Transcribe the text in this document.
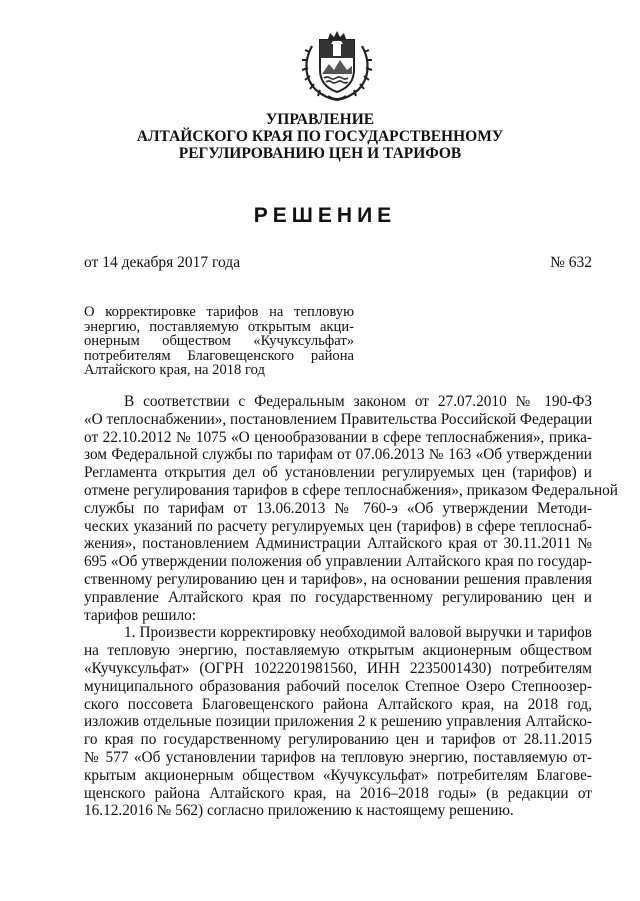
УПРАВЛЕНИЕ
АЛТАЙСКОГО КРАЯ ПО ГОСУДАРСТВЕННОМУ
РЕГУЛИРОВАНИЮ ЦЕН И ТАРИФОВ
РЕШЕНИЕ
от 14 декабря 2017 года	№ 632
О корректировке тарифов на тепловую
энергию, поставляемую открытым акци-
онерным обществом «Кучуксульфат»
потребителям Благовещенского района
Алтайского края, на 2018 год
В соответствии с Федеральным законом от 27.07.2010 № 190-ФЗ
«О теплоснабжении», постановлением Правительства Российской Федерации
от 22.10.2012 № 1075 «О ценообразовании в сфере теплоснабжения», прика-
зом Федеральной службы по тарифам от 07.06.2013 № 163 «Об утверждении
Регламента открытия дел об установлении регулируемых цен (тарифов) и
отмене регулирования тарифов в сфере теплоснабжения», приказом Федеральной
службы по тарифам от 13.06.2013 № 760-э «Об утверждении Методи-
ческих указаний по расчету регулируемых цен (тарифов) в сфере теплоснаб-
жения», постановлением Администрации Алтайского края от 30.11.2011 №
695 «Об утверждении положения об управлении Алтайского края по государ-
ственному регулированию цен и тарифов», на основании решения правления
управление Алтайского края по государственному регулированию цен и
тарифов решило:
1. Произвести корректировку необходимой валовой выручки и тарифов
на тепловую энергию, поставляемую открытым акционерным обществом
«Кучуксульфат» (ОГРН 1022201981560, ИНН 2235001430) потребителям
муниципального образования рабочий поселок Степное Озеро Степноозер-
ского поссовета Благовещенского района Алтайского края, на 2018 год,
изложив отдельные позиции приложения 2 к решению управления Алтайско-
го края по государственному регулированию цен и тарифов от 28.11.2015
№ 577 «Об установлении тарифов на тепловую энергию, поставляемую от-
крытым акционерным обществом «Кучуксульфат» потребителям Благове-
щенского района Алтайского края, на 2016–2018 годы» (в редакции от
16.12.2016 № 562) согласно приложению к настоящему решению.
